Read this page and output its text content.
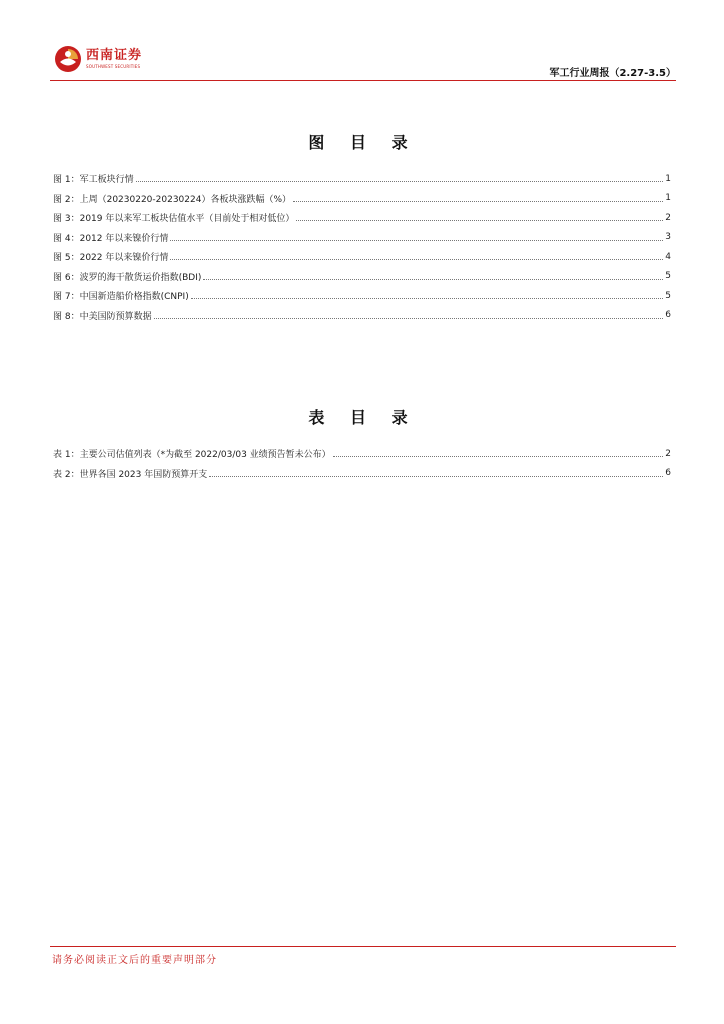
西南证券
SOUTHWEST SECURITIES
军工行业周报（2.27-3.5）
图 目 录
图 1：军工板块行情	1
图 2：上周（20230220-20230224）各板块涨跌幅（%）	1
图 3：2019 年以来军工板块估值水平（目前处于相对低位）	2
图 4：2012 年以来镍价行情	3
图 5：2022 年以来镍价行情	4
图 6：波罗的海干散货运价指数(BDI)	5
图 7：中国新造船价格指数(CNPI)	5
图 8：中美国防预算数据	6
表 目 录
表 1：主要公司估值列表（*为截至 2022/03/03 业绩预告暂未公布）	2
表 2：世界各国 2023 年国防预算开支	6
请务必阅读正文后的重要声明部分
